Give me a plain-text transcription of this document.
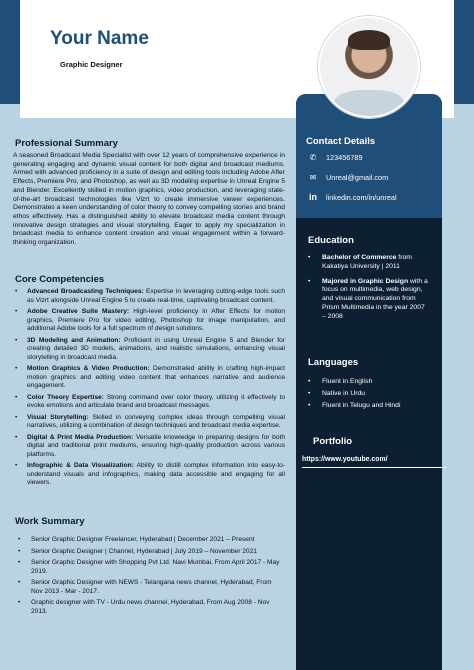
Your Name
Graphic Designer
Professional Summary

A seasoned Broadcast Media Specialist with over 12 years of comprehensive experience in generating engaging and dynamic visual content for both digital and broadcast mediums. Armed with advanced proficiency in a suite of design and editing tools including Adobe After Effects, Premiere Pro, and Photoshop, as well as 3D modeling expertise in Unreal Engine 5 and Blender. Excellently skilled in motion graphics, video production, and leveraging state-of-the-art broadcast technologies like Vizrt to create immersive viewer experiences. Demonstrates a keen understanding of color theory to convey compelling stories and brand ethos effectively. Has a distinguished ability to elevate broadcast media content through innovative design strategies and visual storytelling. Eager to apply my specialization in broadcast media to enhance content creation and visual engagement within a forward-thinking organization.

Core Competencies
• Advanced Broadcasting Techniques: Expertise in leveraging cutting-edge tools such as Vizrt alongside Unreal Engine 5 to create real-time, captivating broadcast content.
• Adobe Creative Suite Mastery: High-level proficiency in After Effects for motion graphics, Premiere Pro for video editing, Photoshop for image manipulation, and additional Adobe tools for a full spectrum of design solutions.
• 3D Modeling and Animation: Proficient in using Unreal Engine 5 and Blender for creating detailed 3D models, animations, and realistic simulations, enhancing visual storytelling in broadcast media.
• Motion Graphics & Video Production: Demonstrated ability in crafting high-impact motion graphics and editing video content that enhances narrative and audience engagement.
• Color Theory Expertise: Strong command over color theory, utilizing it effectively to evoke emotions and articulate brand and broadcast messages.
• Visual Storytelling: Skilled in conveying complex ideas through compelling visual narratives, utilizing a combination of design techniques and broadcast media expertise.
• Digital & Print Media Production: Versatile knowledge in preparing designs for both digital and traditional print mediums, ensuring high-quality production across various platforms.
• Infographic & Data Visualization: Ability to distill complex information into easy-to-understand visuals and infographics, making data accessible and engaging for all viewers.
Work Summary
• Senior Graphic Designer Freelancer, Hyderabad | December 2021 – Present
• Senior Graphic Designer | Channel, Hyderabad | July 2019 – November 2021
• Senior Graphic Designer with Shopping Pvt Ltd. Navi Mumbai, From April 2017 - May 2019.
• Senior Graphic Designer with NEWS - Telangana news channel, Hyderabad, From Nov 2013 - Mar - 2017.
• Graphic designer with TV - Urdu news channel, Hyderabad, From Aug 2008 - Nov 2013.
Contact Details
✆	123456789
✉	Unreal@gmail.com
in	linkedin.com/in/unreal
Education
• Bachelor of Commerce from Kakatiya University | 2011
• Majored in Graphic Design with a focus on multimedia, web design, and visual communication from Prism Multimedia in the year 2007 – 2008
Languages
• Fluent in English
• Native in Urdu
• Fluent in Telugu and Hindi
Portfolio
https://www.youtube.com/
